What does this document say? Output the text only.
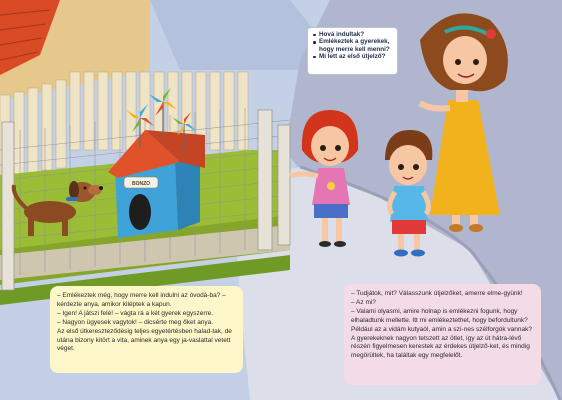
BONZO
Hová indultak?
Emlékeztek a gyerekek, hogy merre kell menni?
Mi lett az első útjelző?

– Emlékeztek még, hogy merre kell indulni az óvodá-ba? – kérdezte anya, amikor kiléptek a kapun.

– Igen! A játszi felé! – vágta rá a két gyerek egyszerre.

– Nagyon ügyesek vagytok! – dicsérte meg őket anya.

Az első útkereszteződésig teljes egyetértésben halad-tak, de utána bizony kitört a vita, aminek anya egy ja-vaslattal vetett véget.

– Tudjátok, mit? Válasszunk útjelzőket, amerre elme-gyünk!

– Az mi?

– Valami olyasmi, amire holnap is emlékezni fogunk, hogy elhaladtunk mellette. Itt mi emlékeztethet, hogy befordultunk? Például az a vidám kutyaól, amin a szí-nes szélforgók vannak?

A gyerekeknek nagyon tetszett az ötlet, így az út hátra-lévő részén figyelmesen kerestek az érdekes útjelző-ket, és mindig megörültek, ha találtak egy megfelelőt.
